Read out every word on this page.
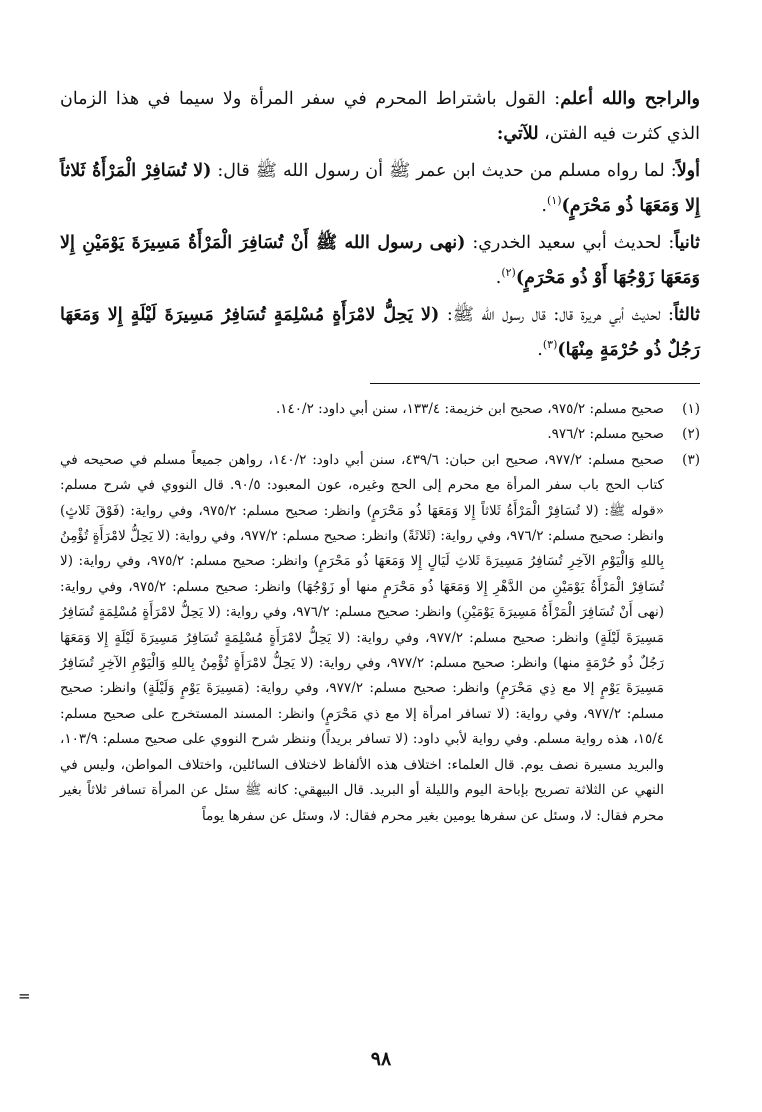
والراجح والله أعلم: القول باشتراط المحرم في سفر المرأة ولا سيما في هذا الزمان الذي كثرت فيه الفتن، للآتي:

أولاً: لما رواه مسلم من حديث ابن عمر ﷺ أن رسول الله ﷺ قال: (لا تُسَافِرْ الْمَرْأَةُ ثَلاثاً إِلا وَمَعَهَا ذُو مَحْرَمٍ)$^{(١)}$.

ثانياً: لحديث أبي سعيد الخدري: (نهى رسول الله ﷺ أَنْ تُسَافِرَ الْمَرْأَةُ مَسِيرَةَ يَوْمَيْنِ إِلا وَمَعَهَا زَوْجُهَا أَوْ ذُو مَحْرَمٍ)$^{(٢)}$.

ثالثاً: لحديث أبي هريرة قال: قال رسول الله ﷺ: (لا يَحِلُّ لامْرَأَةٍ مُسْلِمَةٍ تُسَافِرُ مَسِيرَةَ لَيْلَةٍ إِلا وَمَعَهَا رَجُلٌ ذُو حُرْمَةٍ مِنْهَا)$^{(٣)}$.

(١)
صحيح مسلم: ٩٧٥/٢، صحيح ابن خزيمة: ١٣٣/٤، سنن أبي داود: ١٤٠/٢.
(٢)
صحيح مسلم: ٩٧٦/٢.
(٣)
صحيح مسلم: ٩٧٧/٢، صحيح ابن حبان: ٤٣٩/٦، سنن أبي داود: ١٤٠/٢، رواهن جميعاً مسلم في صحيحه في كتاب الحج باب سفر المرأة مع محرم إلى الحج وغيره، عون المعبود: ٩٠/٥. قال النووي في شرح مسلم: «قوله ﷺ: (لا تُسَافِرْ الْمَرْأَةُ ثَلاثاً إِلا وَمَعَهَا ذُو مَحْرَمٍ) وانظر: صحيح مسلم: ٩٧٥/٢، وفي رواية: (فَوْقَ ثَلاثٍ) وانظر: صحيح مسلم: ٩٧٦/٢، وفي رواية: (ثَلاثَةً) وانظر: صحيح مسلم: ٩٧٧/٢، وفي رواية: (لا يَحِلُّ لامْرَأَةٍ تُؤْمِنُ بِاللهِ وَالْيَوْمِ الآخِرِ تُسَافِرُ مَسِيرَةَ ثَلاثِ لَيَالٍ إِلا وَمَعَهَا ذُو مَحْرَمٍ) وانظر: صحيح مسلم: ٩٧٥/٢، وفي رواية: (لا تُسَافِرْ الْمَرْأَةُ يَوْمَيْنِ من الدَّهْرِ إِلا وَمَعَهَا ذُو مَحْرَمٍ منها أو زَوْجُهَا) وانظر: صحيح مسلم: ٩٧٥/٢، وفي رواية: (نهى أَنْ تُسَافِرَ الْمَرْأَةُ مَسِيرَةَ يَوْمَيْنِ) وانظر: صحيح مسلم: ٩٧٦/٢، وفي رواية: (لا يَحِلُّ لامْرَأَةٍ مُسْلِمَةٍ تُسَافِرُ مَسِيرَةَ لَيْلَةٍ) وانظر: صحيح مسلم: ٩٧٧/٢، وفي رواية: (لا يَحِلُّ لامْرَأَةٍ مُسْلِمَةٍ تُسَافِرُ مَسِيرَةَ لَيْلَةٍ إِلا وَمَعَهَا رَجُلٌ ذُو حُرْمَةٍ منها) وانظر: صحيح مسلم: ٩٧٧/٢، وفي رواية: (لا يَحِلُّ لامْرَأَةٍ تُؤْمِنُ بِاللهِ وَالْيَوْمِ الآخِرِ تُسَافِرُ مَسِيرَةَ يَوْمٍ إلا مع ذِي مَحْرَمٍ) وانظر: صحيح مسلم: ٩٧٧/٢، وفي رواية: (مَسِيرَةَ يَوْمٍ وَلَيْلَةٍ) وانظر: صحيح مسلم: ٩٧٧/٢، وفي رواية: (لا تسافر امرأة إلا مع ذي مَحْرَمٍ) وانظر: المسند المستخرج على صحيح مسلم: ١٥/٤، هذه رواية مسلم. وفي رواية لأبي داود: (لا تسافر بريداً) وننظر شرح النووي على صحيح مسلم: ١٠٣/٩، والبريد مسيرة نصف يوم. قال العلماء: اختلاف هذه الألفاظ لاختلاف السائلين، واختلاف المواطن، وليس في النهي عن الثلاثة تصريح بإباحة اليوم والليلة أو البريد. قال البيهقي: كانه ﷺ سئل عن المرأة تسافر ثلاثاً بغير محرم فقال: لا، وسئل عن سفرها يومين بغير محرم فقال: لا، وسئل عن سفرها يوماً
=
٩٨
